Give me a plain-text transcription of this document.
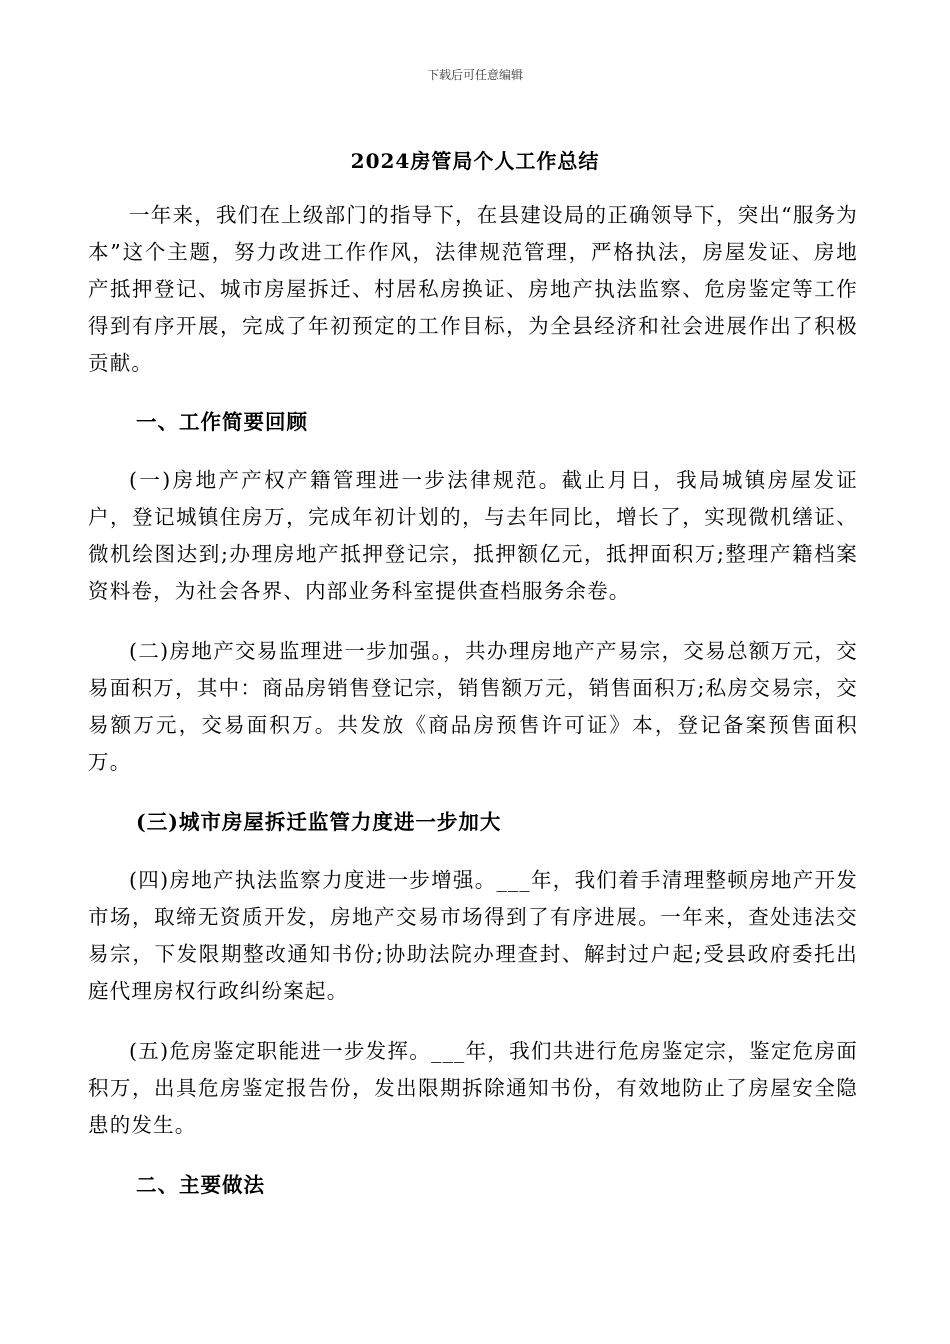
下载后可任意编辑
2024房管局个人工作总结

一年来，我们在上级部门的指导下，在县建设局的正确领导下，突出“服务为本”这个主题，努力改进工作作风，法律规范管理，严格执法，房屋发证、房地产抵押登记、城市房屋拆迁、村居私房换证、房地产执法监察、危房鉴定等工作得到有序开展，完成了年初预定的工作目标，为全县经济和社会进展作出了积极贡献。

一、工作简要回顾

(一)房地产产权产籍管理进一步法律规范。截止月日，我局城镇房屋发证户，登记城镇住房万，完成年初计划的，与去年同比，增长了，实现微机缮证、微机绘图达到;办理房地产抵押登记宗，抵押额亿元，抵押面积万;整理产籍档案资料卷，为社会各界、内部业务科室提供查档服务余卷。

(二)房地产交易监理进一步加强。，共办理房地产产易宗，交易总额万元，交易面积万，其中：商品房销售登记宗，销售额万元，销售面积万;私房交易宗，交易额万元，交易面积万。共发放《商品房预售许可证》本，登记备案预售面积万。

(三)城市房屋拆迁监管力度进一步加大

(四)房地产执法监察力度进一步增强。___年，我们着手清理整顿房地产开发市场，取缔无资质开发，房地产交易市场得到了有序进展。一年来，查处违法交易宗，下发限期整改通知书份;协助法院办理查封、解封过户起;受县政府委托出庭代理房权行政纠纷案起。

(五)危房鉴定职能进一步发挥。___年，我们共进行危房鉴定宗，鉴定危房面积万，出具危房鉴定报告份，发出限期拆除通知书份，有效地防止了房屋安全隐患的发生。

二、主要做法
